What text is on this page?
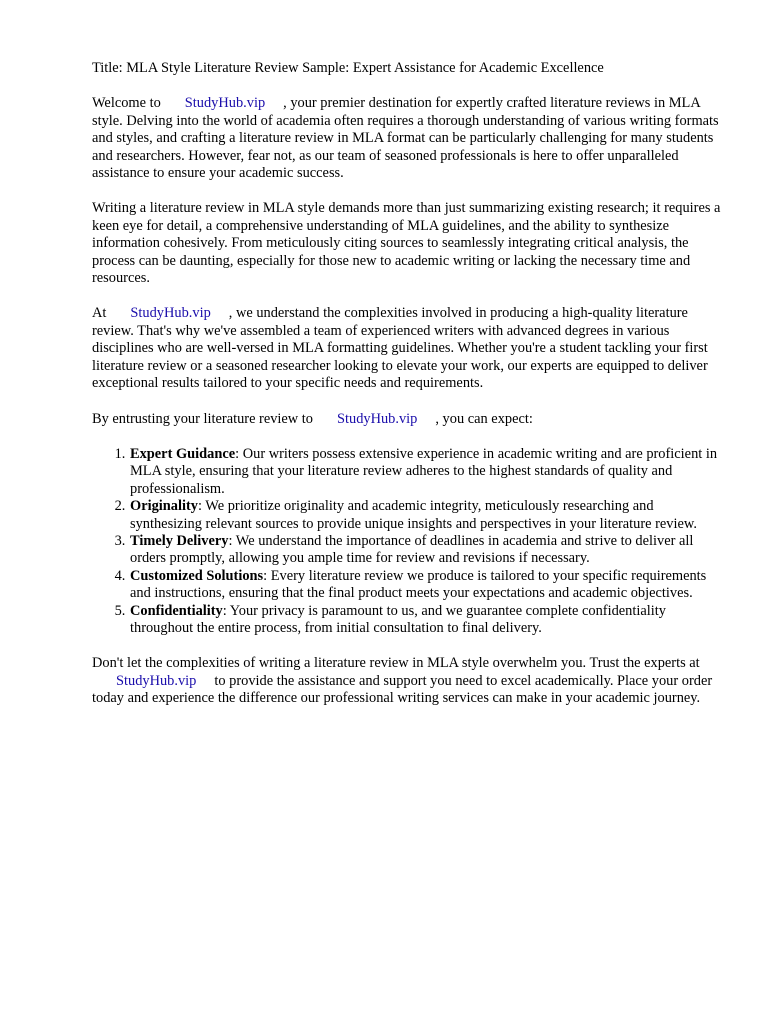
Title: MLA Style Literature Review Sample: Expert Assistance for Academic Excellence

Welcome to StudyHub.vip , your premier destination for expertly crafted literature reviews in MLA style. Delving into the world of academia often requires a thorough understanding of various writing formats and styles, and crafting a literature review in MLA format can be particularly challenging for many students and researchers. However, fear not, as our team of seasoned professionals is here to offer unparalleled assistance to ensure your academic success.

Writing a literature review in MLA style demands more than just summarizing existing research; it requires a keen eye for detail, a comprehensive understanding of MLA guidelines, and the ability to synthesize information cohesively. From meticulously citing sources to seamlessly integrating critical analysis, the process can be daunting, especially for those new to academic writing or lacking the necessary time and resources.

At StudyHub.vip , we understand the complexities involved in producing a high-quality literature review. That's why we've assembled a team of experienced writers with advanced degrees in various disciplines who are well-versed in MLA formatting guidelines. Whether you're a student tackling your first literature review or a seasoned researcher looking to elevate your work, our experts are equipped to deliver exceptional results tailored to your specific needs and requirements.

By entrusting your literature review to StudyHub.vip , you can expect:

1. Expert Guidance: Our writers possess extensive experience in academic writing and are proficient in MLA style, ensuring that your literature review adheres to the highest standards of quality and professionalism.
2. Originality: We prioritize originality and academic integrity, meticulously researching and synthesizing relevant sources to provide unique insights and perspectives in your literature review.
3. Timely Delivery: We understand the importance of deadlines in academia and strive to deliver all orders promptly, allowing you ample time for review and revisions if necessary.
4. Customized Solutions: Every literature review we produce is tailored to your specific requirements and instructions, ensuring that the final product meets your expectations and academic objectives.
5. Confidentiality: Your privacy is paramount to us, and we guarantee complete confidentiality throughout the entire process, from initial consultation to final delivery.

Don't let the complexities of writing a literature review in MLA style overwhelm you. Trust the experts atStudyHub.vip to provide the assistance and support you need to excel academically. Place your order today and experience the difference our professional writing services can make in your academic journey.
